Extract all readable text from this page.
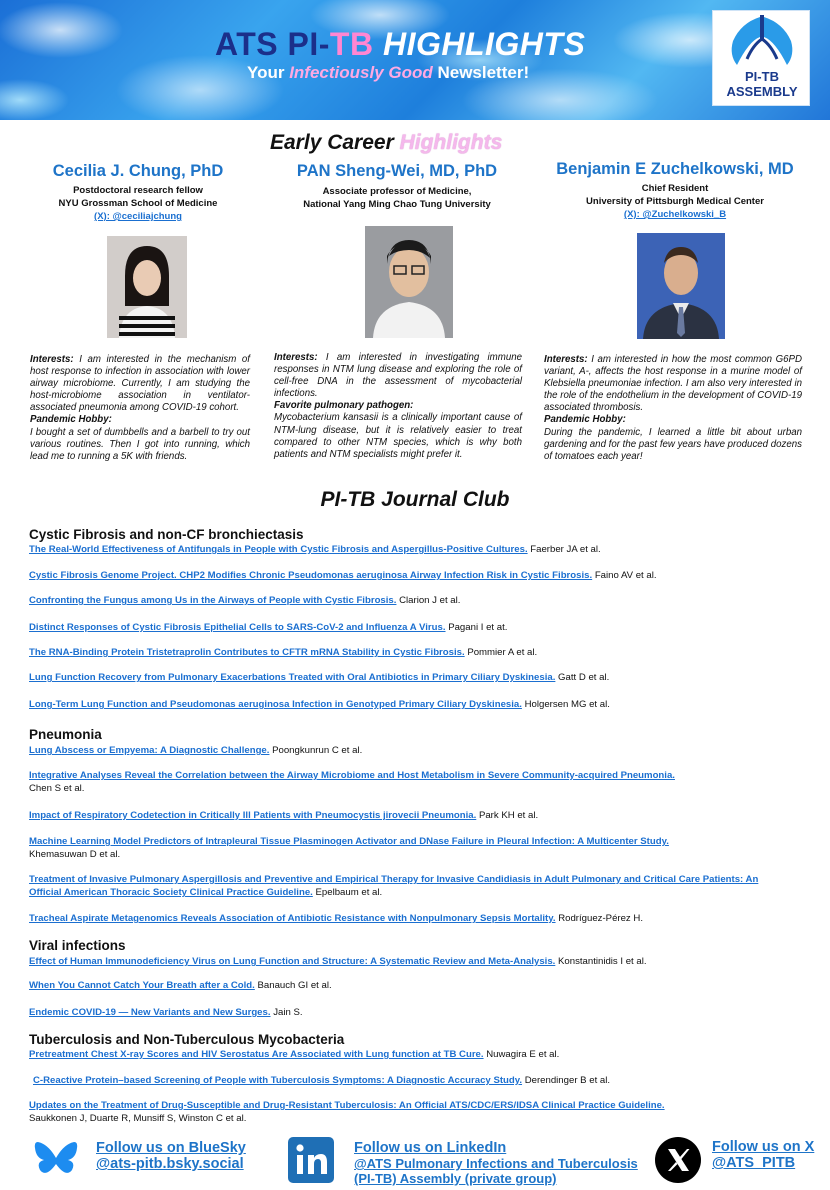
ATS PI-TB HIGHLIGHTS
Your Infectiously Good Newsletter!	PI-TB
ASSEMBLY
Early Career Highlights
Cecilia J. Chung, PhD
Postdoctoral research fellow
NYU Grossman School of Medicine
(X): @ceciliajchung
Interests: I am interested in the mechanism of host response to infection in association with lower airway microbiome. Currently, I am studying the host-microbiome association in ventilator-associated pneumonia among COVID-19 cohort.
Pandemic Hobby:
I bought a set of dumbbells and a barbell to try out various routines. Then I got into running, which lead me to running a 5K with friends.
PAN Sheng-Wei, MD, PhD
Associate professor of Medicine,
National Yang Ming Chao Tung University
Interests: I am interested in investigating immune responses in NTM lung disease and exploring the role of cell-free DNA in the assessment of mycobacterial infections.
Favorite pulmonary pathogen:
Mycobacterium kansasii is a clinically important cause of NTM-lung disease, but it is relatively easier to treat compared to other NTM species, which is why both patients and NTM specialists might prefer it.
Benjamin E Zuchelkowski, MD
Chief Resident
University of Pittsburgh Medical Center
(X): @Zuchelkowski_B
Interests: I am interested in how the most common G6PD variant, A-, affects the host response in a murine model of Klebsiella pneumoniae infection. I am also very interested in the role of the endothelium in the development of COVID-19 associated thrombosis.
Pandemic Hobby:
During the pandemic, I learned a little bit about urban gardening and for the past few years have produced dozens of tomatoes each year!
PI-TB Journal Club
Cystic Fibrosis and non-CF bronchiectasis
The Real-World Effectiveness of Antifungals in People with Cystic Fibrosis and Aspergillus-Positive Cultures. Faerber JA et al.
Cystic Fibrosis Genome Project. CHP2 Modifies Chronic Pseudomonas aeruginosa Airway Infection Risk in Cystic Fibrosis. Faino AV et al.
Confronting the Fungus among Us in the Airways of People with Cystic Fibrosis. Clarion J et al.
Distinct Responses of Cystic Fibrosis Epithelial Cells to SARS-CoV-2 and Influenza A Virus. Pagani I et at.
The RNA-Binding Protein Tristetraprolin Contributes to CFTR mRNA Stability in Cystic Fibrosis. Pommier A et al.
Lung Function Recovery from Pulmonary Exacerbations Treated with Oral Antibiotics in Primary Ciliary Dyskinesia. Gatt D et al.
Long-Term Lung Function and Pseudomonas aeruginosa Infection in Genotyped Primary Ciliary Dyskinesia. Holgersen MG et al.
Pneumonia
Lung Abscess or Empyema: A Diagnostic Challenge. Poongkunrun C et al.
Integrative Analyses Reveal the Correlation between the Airway Microbiome and Host Metabolism in Severe Community-acquired Pneumonia.
Chen S et al.
Impact of Respiratory Codetection in Critically Ill Patients with Pneumocystis jirovecii Pneumonia. Park KH et al.
Machine Learning Model Predictors of Intrapleural Tissue Plasminogen Activator and DNase Failure in Pleural Infection: A Multicenter Study.
Khemasuwan D et al.
Treatment of Invasive Pulmonary Aspergillosis and Preventive and Empirical Therapy for Invasive Candidiasis in Adult Pulmonary and Critical Care Patients: An Official American Thoracic Society Clinical Practice Guideline. Epelbaum et al.
Tracheal Aspirate Metagenomics Reveals Association of Antibiotic Resistance with Nonpulmonary Sepsis Mortality. Rodríguez-Pérez H.
Viral infections
Effect of Human Immunodeficiency Virus on Lung Function and Structure: A Systematic Review and Meta-Analysis. Konstantinidis I et al.
When You Cannot Catch Your Breath after a Cold. Banauch GI et al.
Endemic COVID-19 — New Variants and New Surges. Jain S.
Tuberculosis and Non-Tuberculous Mycobacteria
Pretreatment Chest X-ray Scores and HIV Serostatus Are Associated with Lung function at TB Cure. Nuwagira E et al.
C-Reactive Protein–based Screening of People with Tuberculosis Symptoms: A Diagnostic Accuracy Study. Derendinger B et al.
Updates on the Treatment of Drug-Susceptible and Drug-Resistant Tuberculosis: An Official ATS/CDC/ERS/IDSA Clinical Practice Guideline.
Saukkonen J, Duarte R, Munsiff S, Winston C et al.
Follow us on BlueSky
@ats-pitb.bsky.social
Follow us on LinkedIn
@ATS Pulmonary Infections and Tuberculosis (PI-TB) Assembly (private group)
Follow us on X
@ATS_PITB
